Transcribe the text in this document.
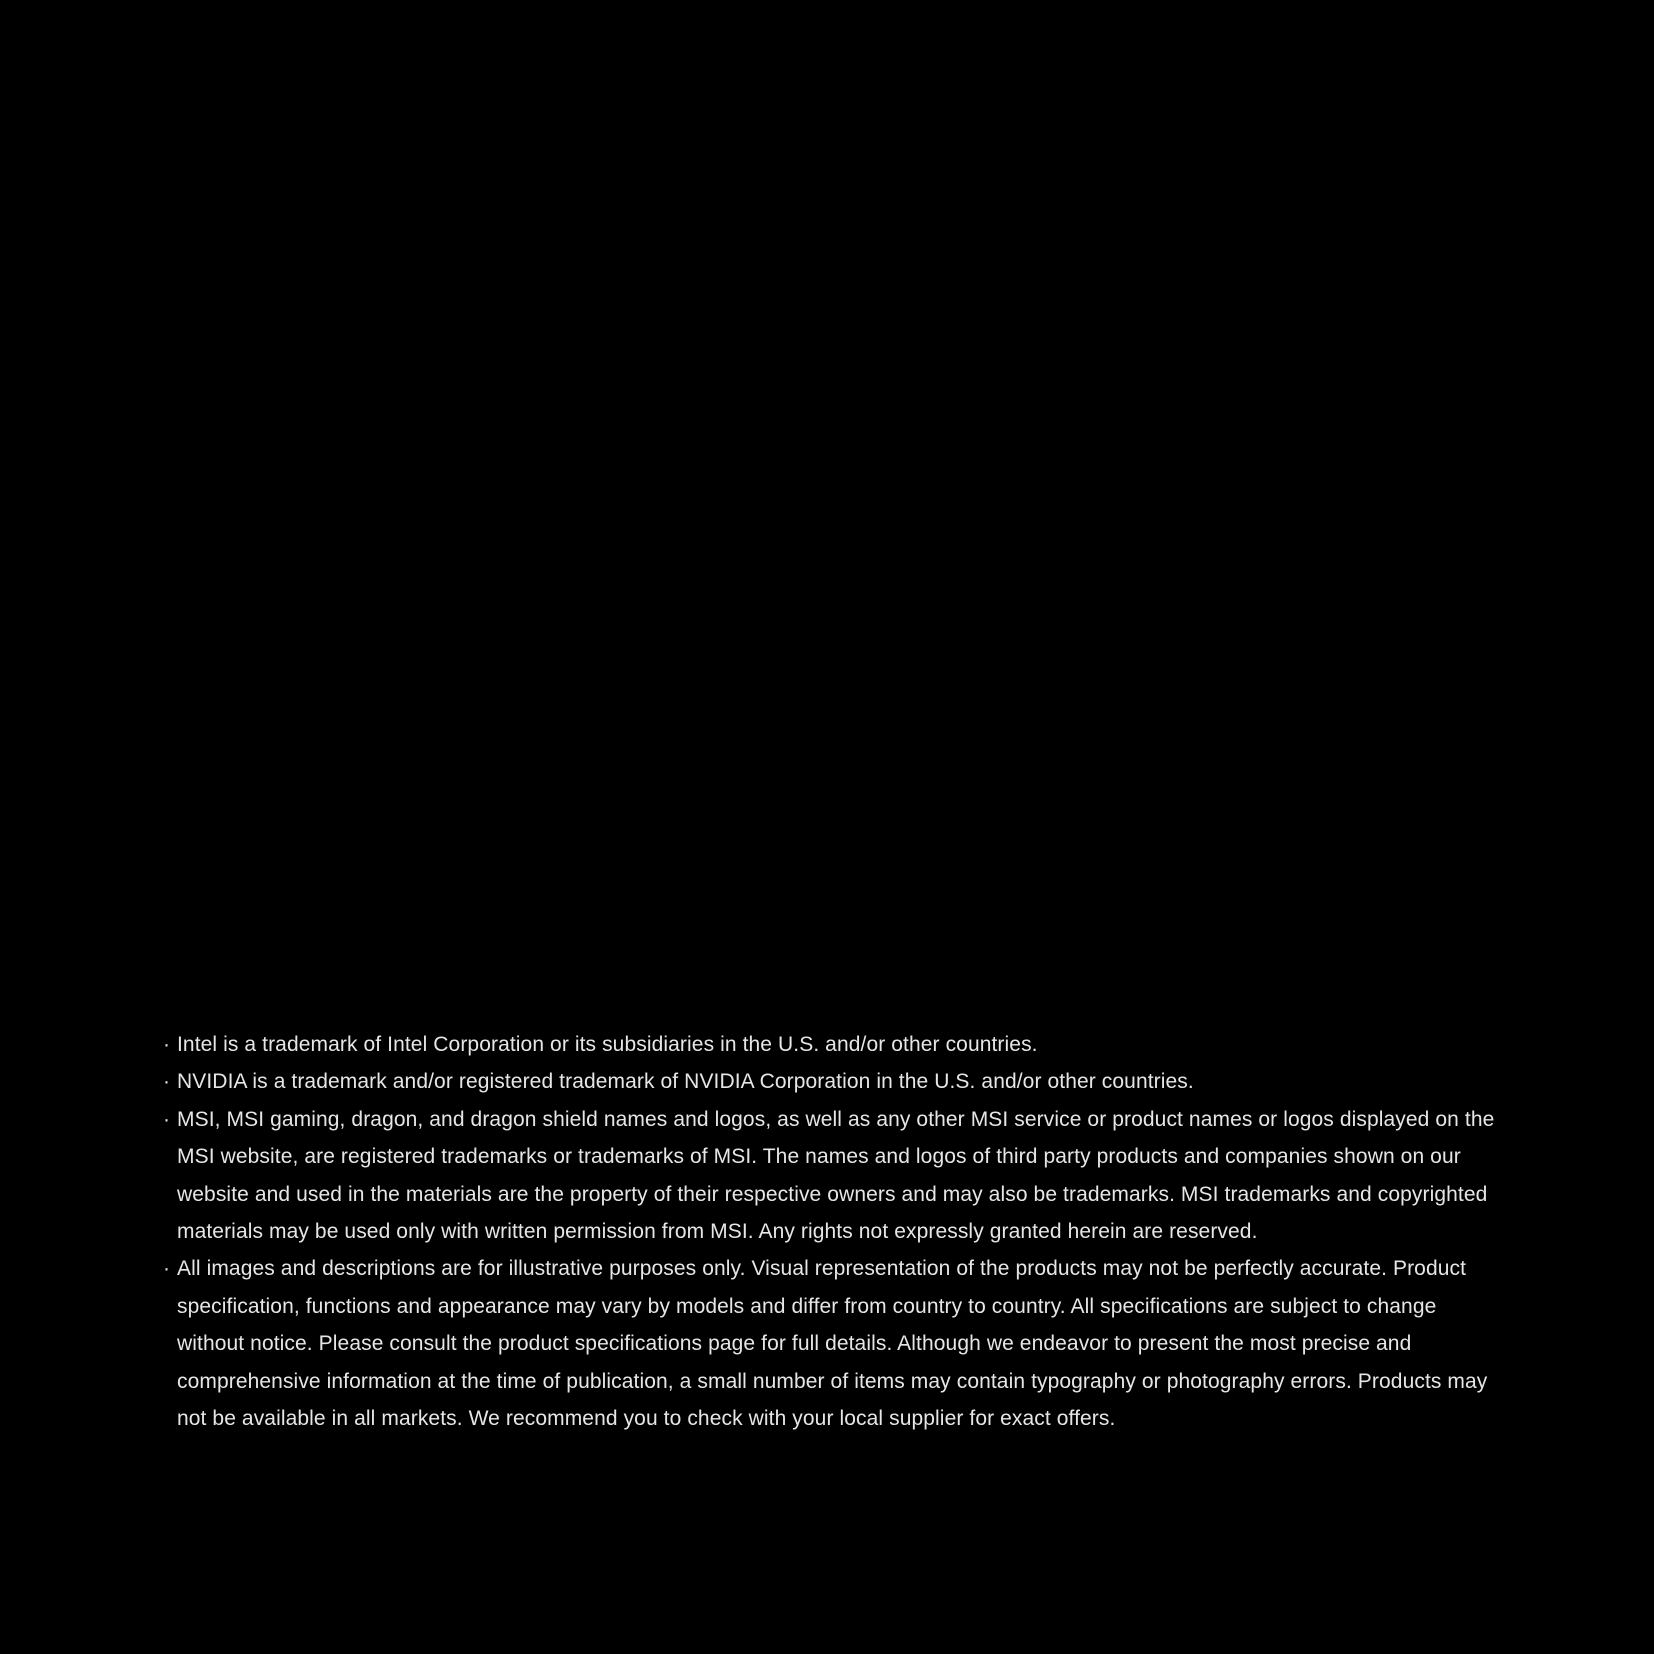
· Intel is a trademark of Intel Corporation or its subsidiaries in the U.S. and/or other countries.
· NVIDIA is a trademark and/or registered trademark of NVIDIA Corporation in the U.S. and/or other countries.
· MSI, MSI gaming, dragon, and dragon shield names and logos, as well as any other MSI service or product names or logos displayed on the MSI website, are registered trademarks or trademarks of MSI. The names and logos of third party products and companies shown on our website and used in the materials are the property of their respective owners and may also be trademarks. MSI trademarks and copyrighted materials may be used only with written permission from MSI. Any rights not expressly granted herein are reserved.
· All images and descriptions are for illustrative purposes only. Visual representation of the products may not be perfectly accurate. Product specification, functions and appearance may vary by models and differ from country to country. All specifications are subject to change without notice. Please consult the product specifications page for full details. Although we endeavor to present the most precise and comprehensive information at the time of publication, a small number of items may contain typography or photography errors. Products may not be available in all markets. We recommend you to check with your local supplier for exact offers.
